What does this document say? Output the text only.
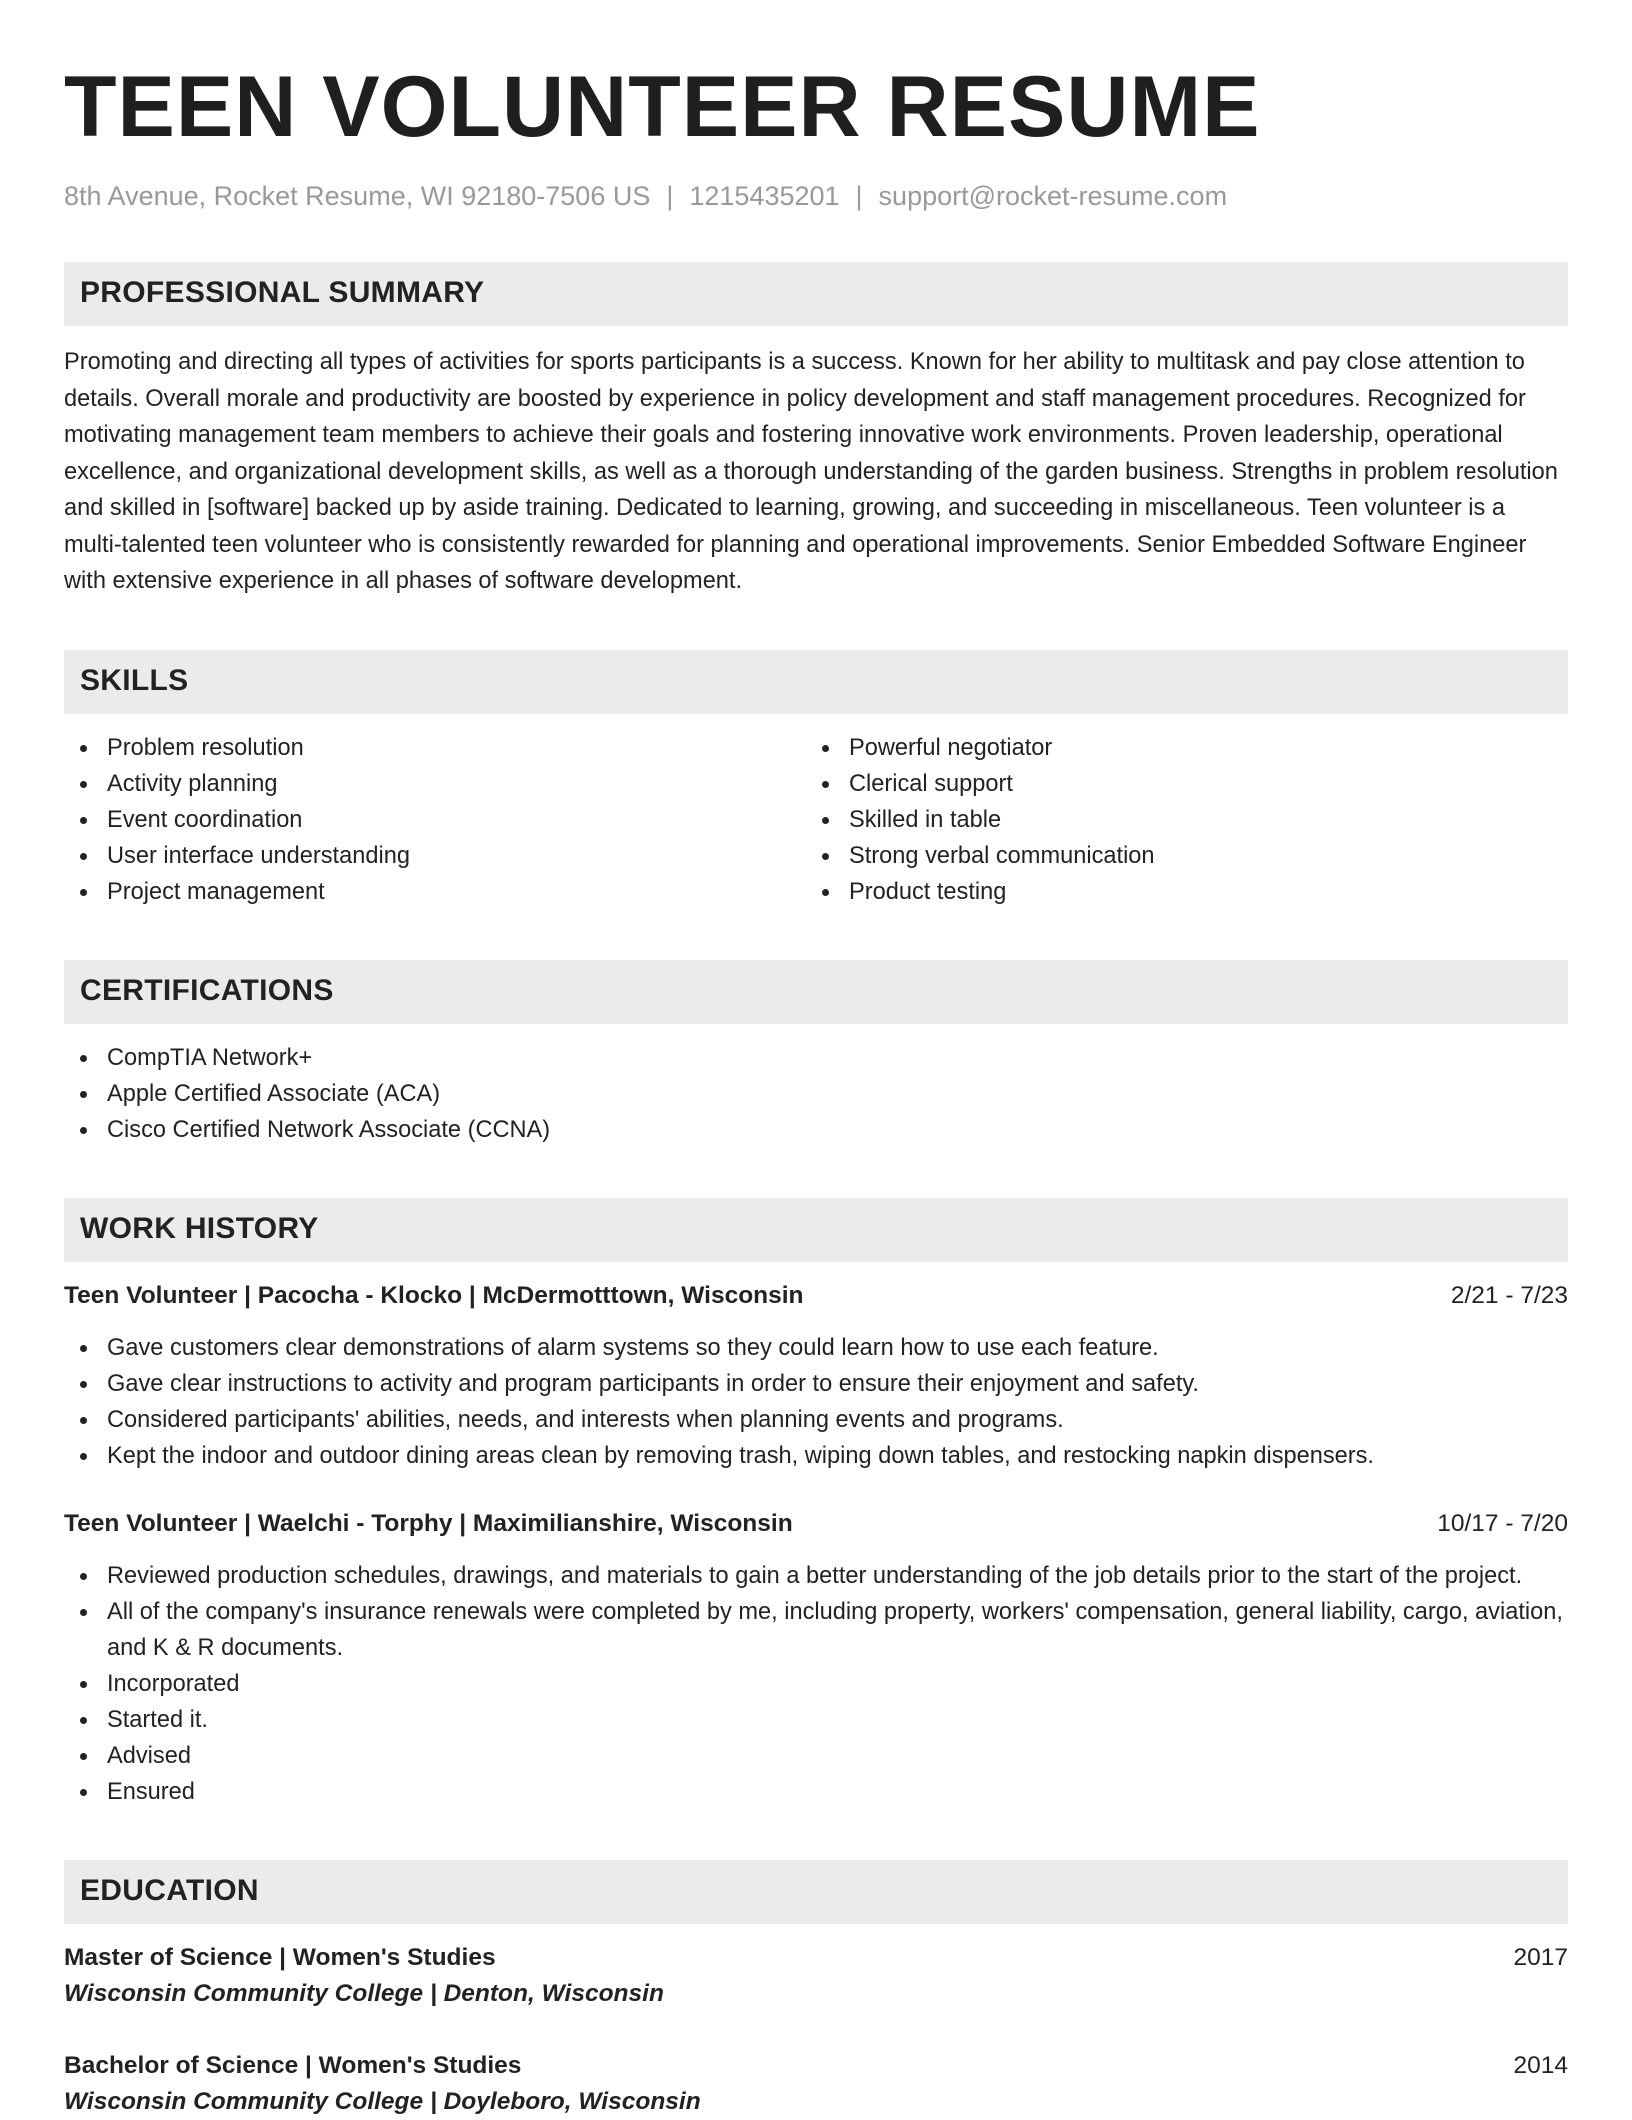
TEEN VOLUNTEER RESUME
8th Avenue, Rocket Resume, WI 92180-7506 US | 1215435201 | support@rocket-resume.com
PROFESSIONAL SUMMARY
Promoting and directing all types of activities for sports participants is a success. Known for her ability to multitask and pay close attention to details. Overall morale and productivity are boosted by experience in policy development and staff management procedures. Recognized for motivating management team members to achieve their goals and fostering innovative work environments. Proven leadership, operational excellence, and organizational development skills, as well as a thorough understanding of the garden business. Strengths in problem resolution and skilled in [software] backed up by aside training. Dedicated to learning, growing, and succeeding in miscellaneous. Teen volunteer is a multi-talented teen volunteer who is consistently rewarded for planning and operational improvements. Senior Embedded Software Engineer with extensive experience in all phases of software development.
SKILLS
Problem resolution
Activity planning
Event coordination
User interface understanding
Project management
Powerful negotiator
Clerical support
Skilled in table
Strong verbal communication
Product testing
CERTIFICATIONS
CompTIA Network+
Apple Certified Associate (ACA)
Cisco Certified Network Associate (CCNA)
WORK HISTORY
Teen Volunteer | Pacocha - Klocko | McDermotttown, Wisconsin	2/21 - 7/23
Gave customers clear demonstrations of alarm systems so they could learn how to use each feature.
Gave clear instructions to activity and program participants in order to ensure their enjoyment and safety.
Considered participants' abilities, needs, and interests when planning events and programs.
Kept the indoor and outdoor dining areas clean by removing trash, wiping down tables, and restocking napkin dispensers.
Teen Volunteer | Waelchi - Torphy | Maximilianshire, Wisconsin	10/17 - 7/20
Reviewed production schedules, drawings, and materials to gain a better understanding of the job details prior to the start of the project.
All of the company's insurance renewals were completed by me, including property, workers' compensation, general liability, cargo, aviation, and K & R documents.
Incorporated
Started it.
Advised
Ensured
EDUCATION
Master of Science | Women's Studies	2017
Wisconsin Community College | Denton, Wisconsin
Bachelor of Science | Women's Studies	2014
Wisconsin Community College | Doyleboro, Wisconsin
